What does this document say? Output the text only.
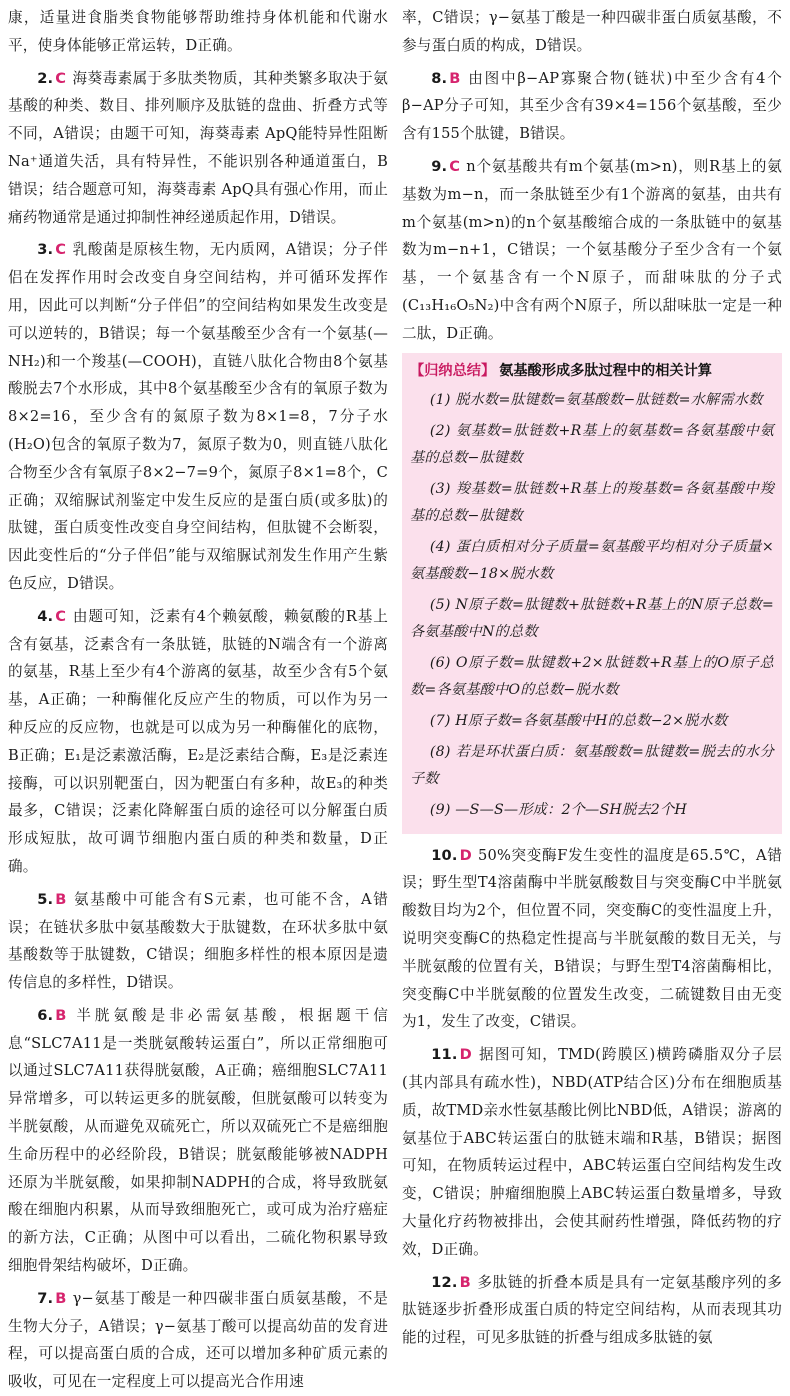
康，适量进食脂类食物能够帮助维持身体机能和代谢水平，使身体能够正常运转，D正确。

2. C 海葵毒素属于多肽类物质，其种类繁多取决于氨基酸的种类、数目、排列顺序及肽链的盘曲、折叠方式等不同，A错误；由题干可知，海葵毒素 ApQ能特异性阻断Na⁺通道失活，具有特异性，不能识别各种通道蛋白，B错误；结合题意可知，海葵毒素 ApQ具有强心作用，而止痛药物通常是通过抑制性神经递质起作用，D错误。

3. C 乳酸菌是原核生物，无内质网，A错误；分子伴侣在发挥作用时会改变自身空间结构，并可循环发挥作用，因此可以判断“分子伴侣”的空间结构如果发生改变是可以逆转的，B错误；每一个氨基酸至少含有一个氨基(—NH₂)和一个羧基(—COOH)，直链八肽化合物由8个氨基酸脱去7个水形成，其中8个氨基酸至少含有的氧原子数为8×2=16，至少含有的氮原子数为8×1=8，7分子水(H₂O)包含的氧原子数为7，氮原子数为0，则直链八肽化合物至少含有氧原子8×2−7=9个，氮原子8×1=8个，C正确；双缩脲试剂鉴定中发生反应的是蛋白质(或多肽)的肽键，蛋白质变性改变自身空间结构，但肽键不会断裂，因此变性后的“分子伴侣”能与双缩脲试剂发生作用产生紫色反应，D错误。

4. C 由题可知，泛素有4个赖氨酸，赖氨酸的R基上含有氨基，泛素含有一条肽链，肽链的N端含有一个游离的氨基，R基上至少有4个游离的氨基，故至少含有5个氨基，A正确；一种酶催化反应产生的物质，可以作为另一种反应的反应物，也就是可以成为另一种酶催化的底物，B正确；E₁是泛素激活酶，E₂是泛素结合酶，E₃是泛素连接酶，可以识别靶蛋白，因为靶蛋白有多种，故E₃的种类最多，C错误；泛素化降解蛋白质的途径可以分解蛋白质形成短肽，故可调节细胞内蛋白质的种类和数量，D正确。

5. B 氨基酸中可能含有S元素，也可能不含，A错误；在链状多肽中氨基酸数大于肽键数，在环状多肽中氨基酸数等于肽键数，C错误；细胞多样性的根本原因是遗传信息的多样性，D错误。

6. B 半胱氨酸是非必需氨基酸，根据题干信息“SLC7A11是一类胱氨酸转运蛋白”，所以正常细胞可以通过SLC7A11获得胱氨酸，A正确；癌细胞SLC7A11异常增多，可以转运更多的胱氨酸，但胱氨酸可以转变为半胱氨酸，从而避免双硫死亡，所以双硫死亡不是癌细胞生命历程中的必经阶段，B错误；胱氨酸能够被NADPH还原为半胱氨酸，如果抑制NADPH的合成，将导致胱氨酸在细胞内积累，从而导致细胞死亡，或可成为治疗癌症的新方法，C正确；从图中可以看出，二硫化物积累导致细胞骨架结构破坏，D正确。

7. B γ−氨基丁酸是一种四碳非蛋白质氨基酸，不是生物大分子，A错误；γ−氨基丁酸可以提高幼苗的发育进程，可以提高蛋白质的合成，还可以增加多种矿质元素的吸收，可见在一定程度上可以提高光合作用速

率，C错误；γ−氨基丁酸是一种四碳非蛋白质氨基酸，不参与蛋白质的构成，D错误。

8. B 由图中β−AP寡聚合物(链状)中至少含有4个β−AP分子可知，其至少含有39×4=156个氨基酸，至少含有155个肽键，B错误。

9. C n个氨基酸共有m个氨基(m>n)，则R基上的氨基数为m−n，而一条肽链至少有1个游离的氨基，由共有m个氨基(m>n)的n个氨基酸缩合成的一条肽链中的氨基数为m−n+1，C错误；一个氨基酸分子至少含有一个氨基，一个氨基含有一个N原子，而甜味肽的分子式(C₁₃H₁₆O₅N₂)中含有两个N原子，所以甜味肽一定是一种二肽，D正确。

【归纳总结】 氨基酸形成多肽过程中的相关计算

(1) 脱水数=肽键数=氨基酸数−肽链数=水解需水数

(2) 氨基数=肽链数+R基上的氨基数=各氨基酸中氨基的总数−肽键数

(3) 羧基数=肽链数+R基上的羧基数=各氨基酸中羧基的总数−肽键数

(4) 蛋白质相对分子质量=氨基酸平均相对分子质量×氨基酸数−18×脱水数

(5) N原子数=肽键数+肽链数+R基上的N原子总数=各氨基酸中N的总数

(6) O原子数=肽键数+2×肽链数+R基上的O原子总数=各氨基酸中O的总数−脱水数

(7) H原子数=各氨基酸中H的总数−2×脱水数

(8) 若是环状蛋白质：氨基酸数=肽键数=脱去的水分子数

(9) —S—S—形成：2个—SH脱去2个H

10. D 50%突变酶F发生变性的温度是65.5℃，A错误；野生型T4溶菌酶中半胱氨酸数目与突变酶C中半胱氨酸数目均为2个，但位置不同，突变酶C的变性温度上升，说明突变酶C的热稳定性提高与半胱氨酸的数目无关，与半胱氨酸的位置有关，B错误；与野生型T4溶菌酶相比，突变酶C中半胱氨酸的位置发生改变，二硫键数目由无变为1，发生了改变，C错误。

11. D 据图可知，TMD(跨膜区)横跨磷脂双分子层(其内部具有疏水性)，NBD(ATP结合区)分布在细胞质基质，故TMD亲水性氨基酸比例比NBD低，A错误；游离的氨基位于ABC转运蛋白的肽链末端和R基，B错误；据图可知，在物质转运过程中，ABC转运蛋白空间结构发生改变，C错误；肿瘤细胞膜上ABC转运蛋白数量增多，导致大量化疗药物被排出，会使其耐药性增强，降低药物的疗效，D正确。

12. B 多肽链的折叠本质是具有一定氨基酸序列的多肽链逐步折叠形成蛋白质的特定空间结构，从而表现其功能的过程，可见多肽链的折叠与组成多肽链的氨
